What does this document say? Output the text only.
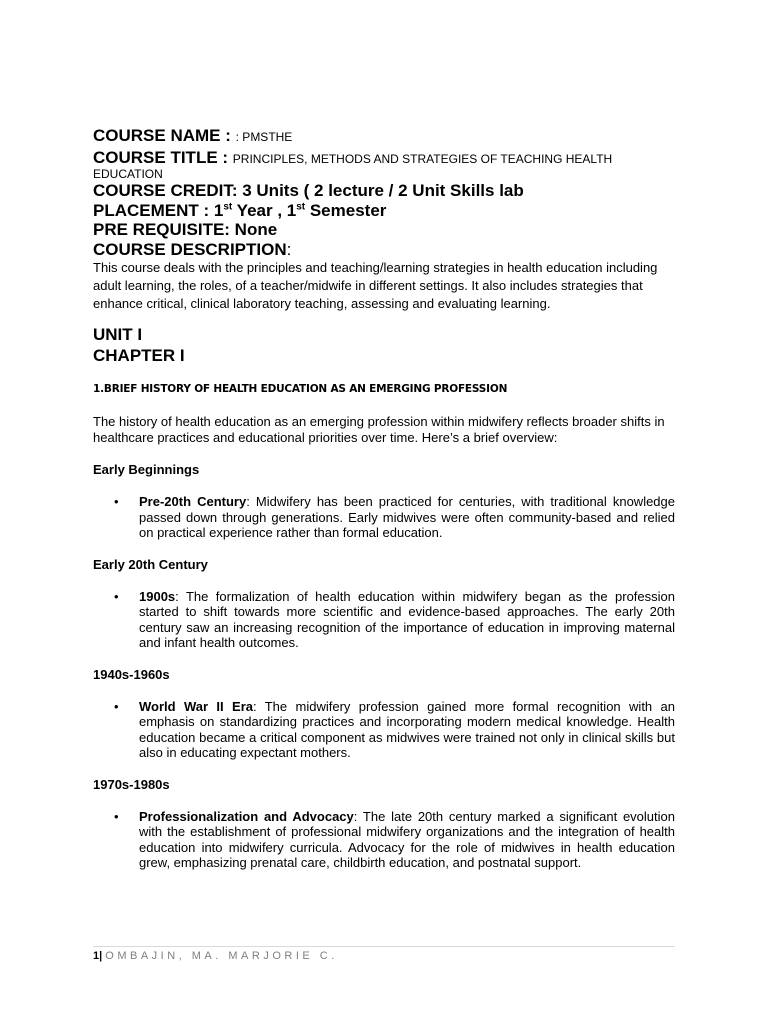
COURSE NAME : : PMSTHE
COURSE TITLE : PRINCIPLES, METHODS AND STRATEGIES OF TEACHING HEALTH
EDUCATION
COURSE CREDIT: 3 Units ( 2 lecture / 2 Unit Skills lab
PLACEMENT : 1st Year , 1st Semester
PRE REQUISITE: None
COURSE DESCRIPTION:

This course deals with the principles and teaching/learning strategies in health education including adult learning, the roles, of a teacher/midwife in different settings. It also includes strategies that enhance critical, clinical laboratory teaching, assessing and evaluating learning.

UNIT I
CHAPTER I
1.BRIEF HISTORY OF HEALTH EDUCATION AS AN EMERGING PROFESSION
The history of health education as an emerging profession within midwifery reflects broader shifts in healthcare practices and educational priorities over time. Here’s a brief overview:
Early Beginnings
• Pre-20th Century: Midwifery has been practiced for centuries, with traditional knowledge passed down through generations. Early midwives were often community-based and relied on practical experience rather than formal education.
Early 20th Century
• 1900s: The formalization of health education within midwifery began as the profession started to shift towards more scientific and evidence-based approaches. The early 20th century saw an increasing recognition of the importance of education in improving maternal and infant health outcomes.
1940s-1960s
• World War II Era: The midwifery profession gained more formal recognition with an emphasis on standardizing practices and incorporating modern medical knowledge. Health education became a critical component as midwives were trained not only in clinical skills but also in educating expectant mothers.
1970s-1980s
• Professionalization and Advocacy: The late 20th century marked a significant evolution with the establishment of professional midwifery organizations and the integration of health education into midwifery curricula. Advocacy for the role of midwives in health education grew, emphasizing prenatal care, childbirth education, and postnatal support.
1| OMBAJIN, MA. MARJORIE C.
